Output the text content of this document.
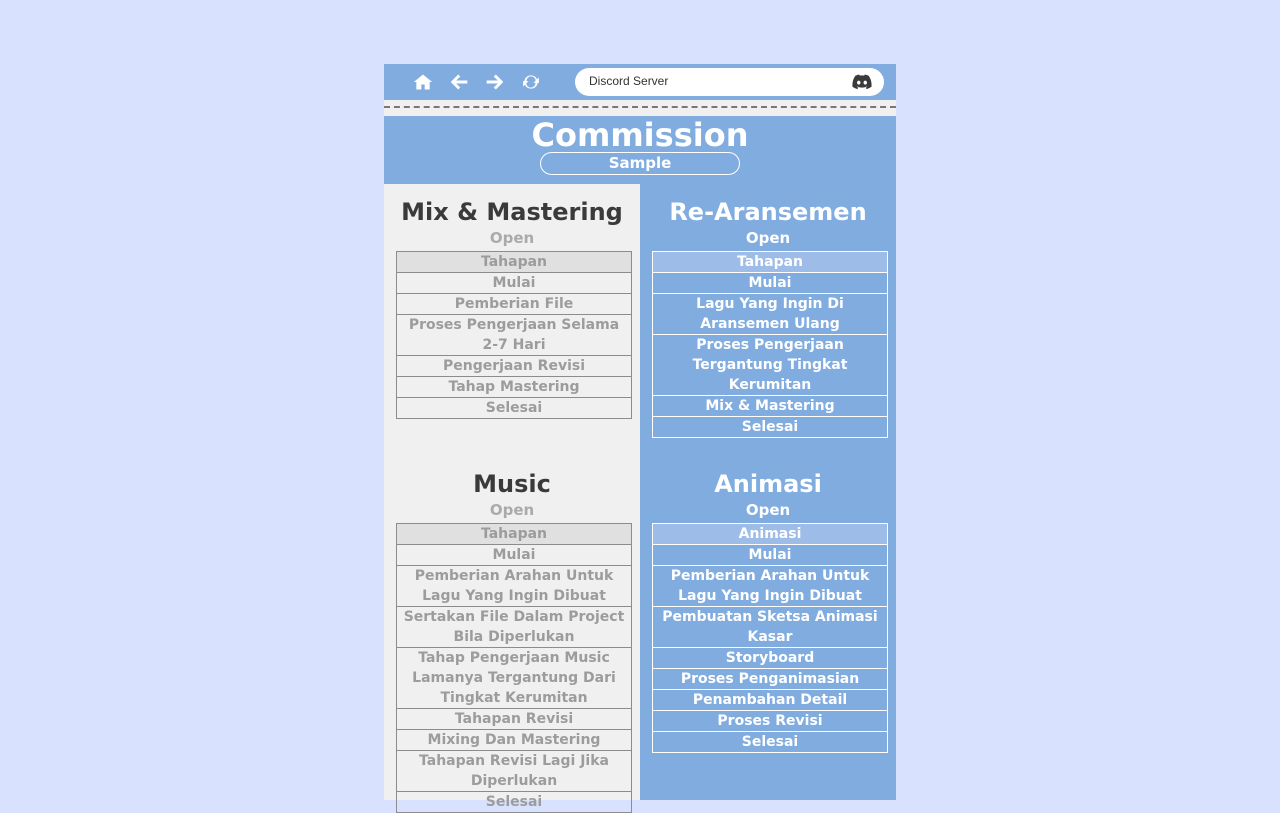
Discord Server
Commission
Sample
Mix & Mastering
Open
Tahapan
Mulai
Pemberian File
Proses Pengerjaan Selama 2-7 Hari
Pengerjaan Revisi
Tahap Mastering
Selesai
Music
Open
Tahapan
Mulai
Pemberian Arahan Untuk Lagu Yang Ingin Dibuat
Sertakan File Dalam Project Bila Diperlukan
Tahap Pengerjaan Music Lamanya Tergantung Dari Tingkat Kerumitan
Tahapan Revisi
Mixing Dan Mastering
Tahapan Revisi Lagi Jika Diperlukan
Selesai
Re-Aransemen
Open
Tahapan
Mulai
Lagu Yang Ingin Di Aransemen Ulang
Proses Pengerjaan Tergantung Tingkat Kerumitan
Mix & Mastering
Selesai
Animasi
Open
Animasi
Mulai
Pemberian Arahan Untuk Lagu Yang Ingin Dibuat
Pembuatan Sketsa Animasi Kasar
Storyboard
Proses Penganimasian
Penambahan Detail
Proses Revisi
Selesai
